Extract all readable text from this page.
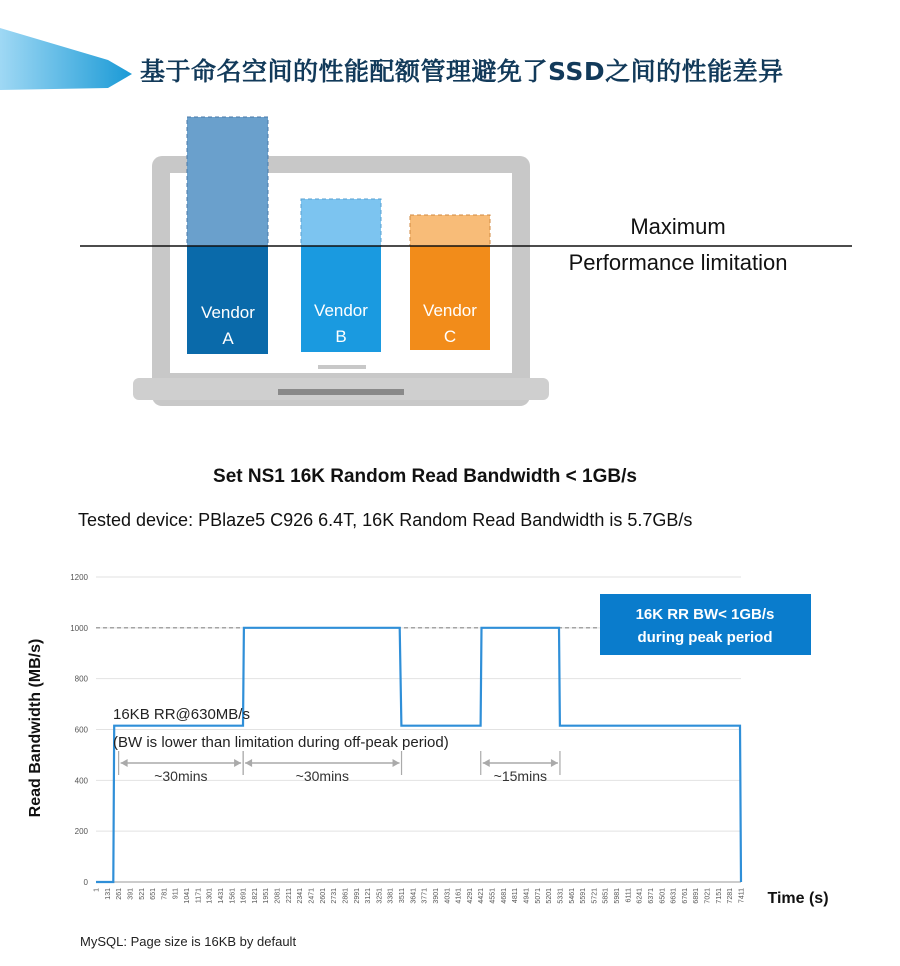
基于命名空间的性能配额管理避免了SSD之间的性能差异
Vendor
A
Vendor
B
Vendor
C
Maximum
Performance limitation
Set NS1 16K Random Read Bandwidth < 1GB/s
Tested device: PBlaze5 C926 6.4T, 16K Random Read Bandwidth is 5.7GB/s
0
200
400
600
800
1000
1200
1 131 261 391 521 651 781 911 1041 1171 1301 1431 1561 1691 1821 1951 2081 2211 2341 2471 2601 2731 2861 2991 3121 3251 3381 3511 3641 3771 3901 4031 4161 4291 4421 4551 4681 4811 4941 5071 5201 5331 5461 5591 5721 5851 5981 6111 6241 6371 6501 6631 6761 6891 7021 7151 7281 7411
~30mins	~30mins	~15mins
Read Bandwidth (MB/s)
Time (s)
16KB RR@630MB/s
(BW is lower than limitation during off-peak period)
16K RR BW< 1GB/s
during peak period
MySQL: Page size is 16KB by default
